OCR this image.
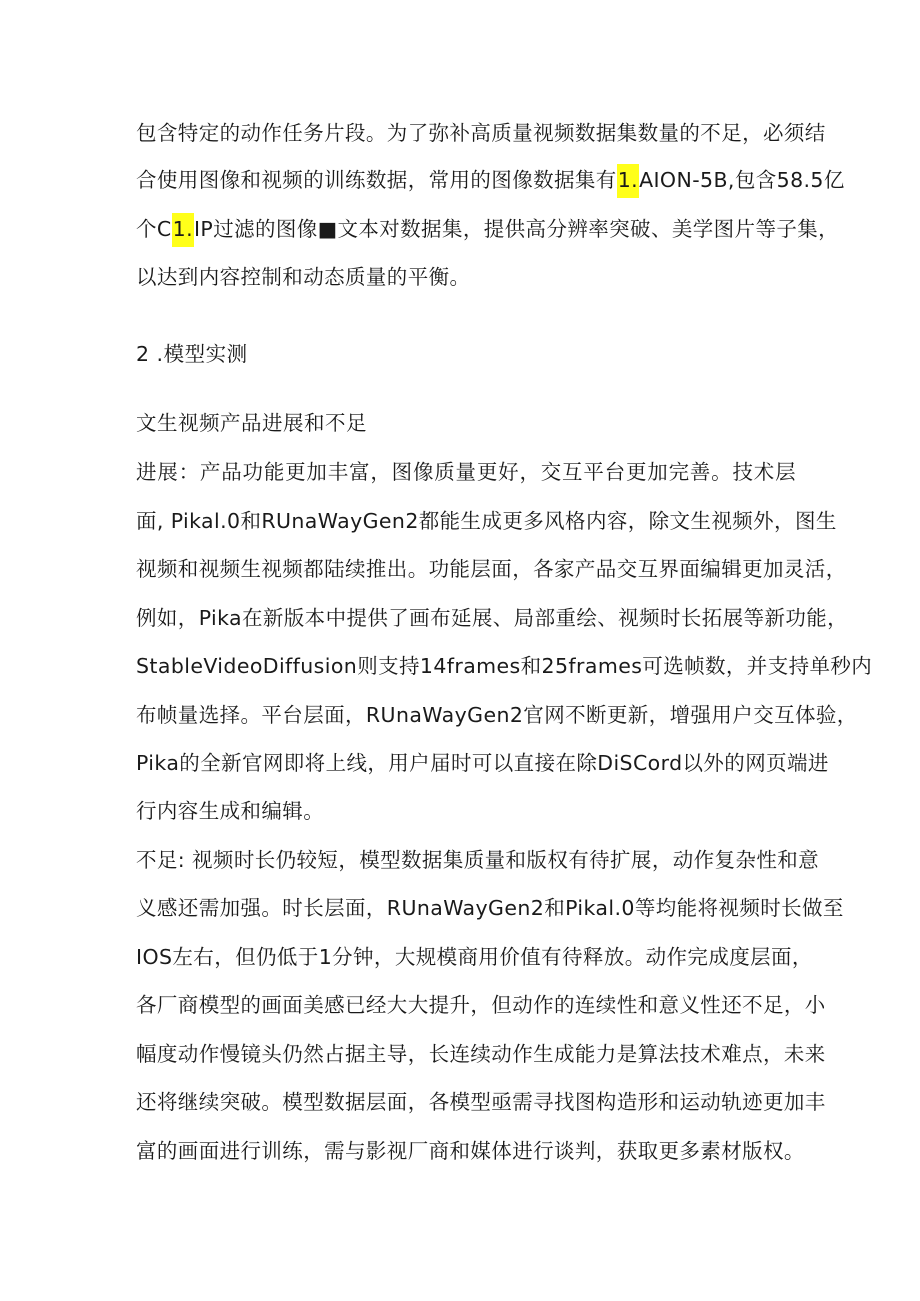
包含特定的动作任务片段。为了弥补高质量视频数据集数量的不足，必须结
合使用图像和视频的训练数据，常用的图像数据集有1.AION-5B,包含58.5亿
个C1.IP过滤的图像■文本对数据集，提供高分辨率突破、美学图片等子集，
以达到内容控制和动态质量的平衡。
2 .模型实测
文生视频产品进展和不足
进展：产品功能更加丰富，图像质量更好，交互平台更加完善。技术层
面, Pikal.0和RUnaWayGen2都能生成更多风格内容，除文生视频外，图生
视频和视频生视频都陆续推出。功能层面，各家产品交互界面编辑更加灵活，
例如，Pika在新版本中提供了画布延展、局部重绘、视频时长拓展等新功能，
StableVideoDiffusion则支持14frames和25frames可选帧数，并支持单秒内
布帧量选择。平台层面，RUnaWayGen2官网不断更新，增强用户交互体验，
Pika的全新官网即将上线，用户届时可以直接在除DiSCord以外的网页端进
行内容生成和编辑。
不足: 视频时长仍较短，模型数据集质量和版权有待扩展，动作复杂性和意
义感还需加强。时长层面，RUnaWayGen2和Pikal.0等均能将视频时长做至
IOS左右，但仍低于1分钟，大规模商用价值有待释放。动作完成度层面，
各厂商模型的画面美感已经大大提升，但动作的连续性和意义性还不足，小
幅度动作慢镜头仍然占据主导，长连续动作生成能力是算法技术难点，未来
还将继续突破。模型数据层面，各模型亟需寻找图构造形和运动轨迹更加丰
富的画面进行训练，需与影视厂商和媒体进行谈判，获取更多素材版权。
